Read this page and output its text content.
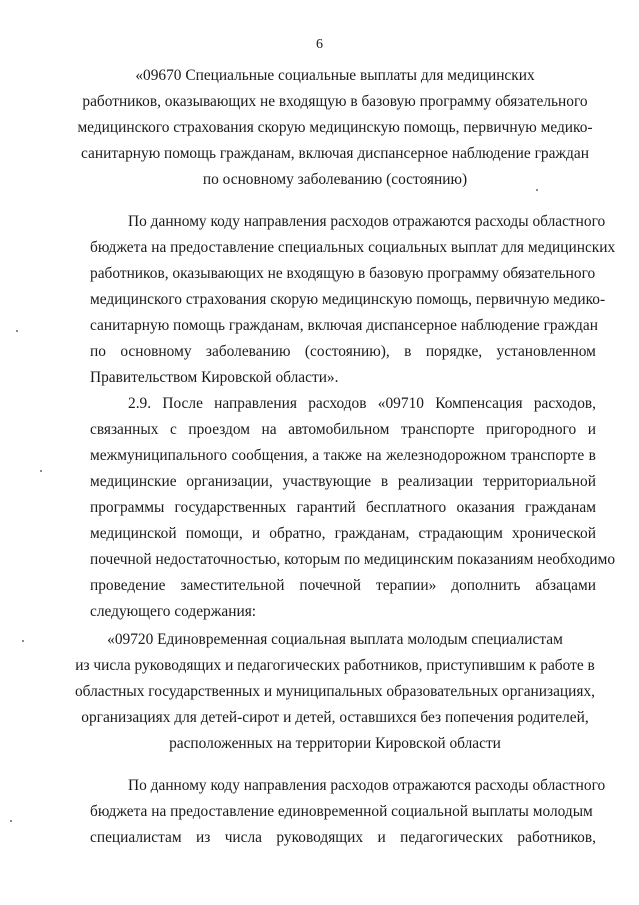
6
«09670 Специальные социальные выплаты для медицинских
работников, оказывающих не входящую в базовую программу обязательного
медицинского страхования скорую медицинскую помощь, первичную медико-
санитарную помощь гражданам, включая диспансерное наблюдение граждан
по основному заболеванию (состоянию)
По данному коду направления расходов отражаются расходы областного
бюджета на предоставление специальных социальных выплат для медицинских
работников, оказывающих не входящую в базовую программу обязательного
медицинского страхования скорую медицинскую помощь, первичную медико-
санитарную помощь гражданам, включая диспансерное наблюдение граждан
по основному заболеванию (состоянию), в порядке, установленном
Правительством Кировской области».
2.9. После направления расходов «09710 Компенсация расходов,
связанных с проездом на автомобильном транспорте пригородного и
межмуниципального сообщения, а также на железнодорожном транспорте в
медицинские организации, участвующие в реализации территориальной
программы государственных гарантий бесплатного оказания гражданам
медицинской помощи, и обратно, гражданам, страдающим хронической
почечной недостаточностью, которым по медицинским показаниям необходимо
проведение заместительной почечной терапии» дополнить абзацами
следующего содержания:
«09720 Единовременная социальная выплата молодым специалистам
из числа руководящих и педагогических работников, приступившим к работе в
областных государственных и муниципальных образовательных организациях,
организациях для детей-сирот и детей, оставшихся без попечения родителей,
расположенных на территории Кировской области
По данному коду направления расходов отражаются расходы областного
бюджета на предоставление единовременной социальной выплаты молодым
специалистам из числа руководящих и педагогических работников,
